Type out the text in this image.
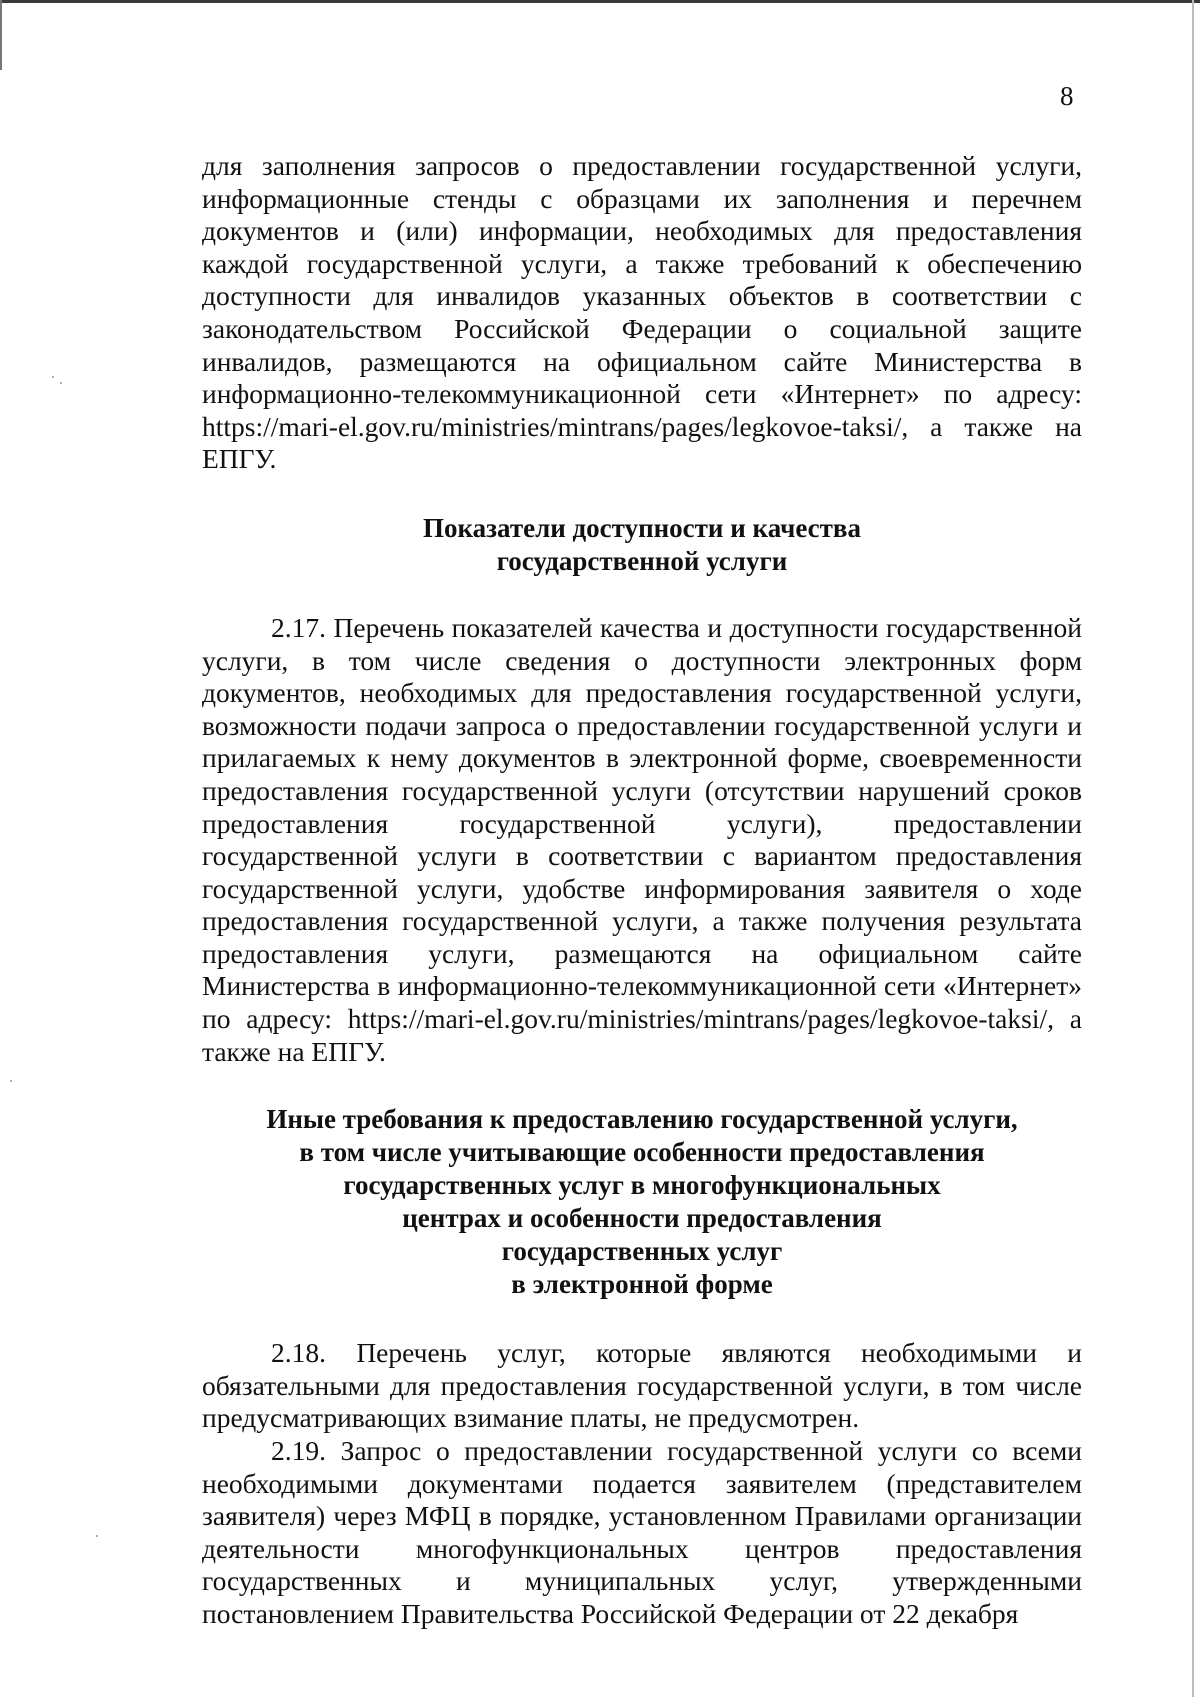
8

для заполнения запросов о предоставлении государственной услуги, информационные стенды с образцами их заполнения и перечнем документов и (или) информации, необходимых для предоставления каждой государственной услуги, а также требований к обеспечению доступности для инвалидов указанных объектов в соответствии с законодательством Российской Федерации о социальной защите инвалидов, размещаются на официальном сайте Министерства в информационно-телекоммуникационной сети «Интернет» по адресу: https://mari-el.gov.ru/ministries/mintrans/pages/legkovoe-taksi/, а также на ЕПГУ.

Показатели доступности и качества
государственной услуги

2.17. Перечень показателей качества и доступности государственной услуги, в том числе сведения о доступности электронных форм документов, необходимых для предоставления государственной услуги, возможности подачи запроса о предоставлении государственной услуги и прилагаемых к нему документов в электронной форме, своевременности предоставления государственной услуги (отсутствии нарушений сроков предоставления государственной услуги), предоставлении государственной услуги в соответствии с вариантом предоставления государственной услуги, удобстве информирования заявителя о ходе предоставления государственной услуги, а также получения результата предоставления услуги, размещаются на официальном сайте Министерства в информационно-телекоммуникационной сети «Интернет» по адресу: https://mari-el.gov.ru/ministries/mintrans/pages/legkovoe-taksi/, а также на ЕПГУ.

Иные требования к предоставлению государственной услуги,
в том числе учитывающие особенности предоставления
государственных услуг в многофункциональных
центрах и особенности предоставления
государственных услуг
в электронной форме

2.18. Перечень услуг, которые являются необходимыми и обязательными для предоставления государственной услуги, в том числе предусматривающих взимание платы, не предусмотрен.

2.19. Запрос о предоставлении государственной услуги со всеми необходимыми документами подается заявителем (представителем заявителя) через МФЦ в порядке, установленном Правилами организации деятельности многофункциональных центров предоставления государственных и муниципальных услуг, утвержденными постановлением Правительства Российской Федерации от 22 декабря
